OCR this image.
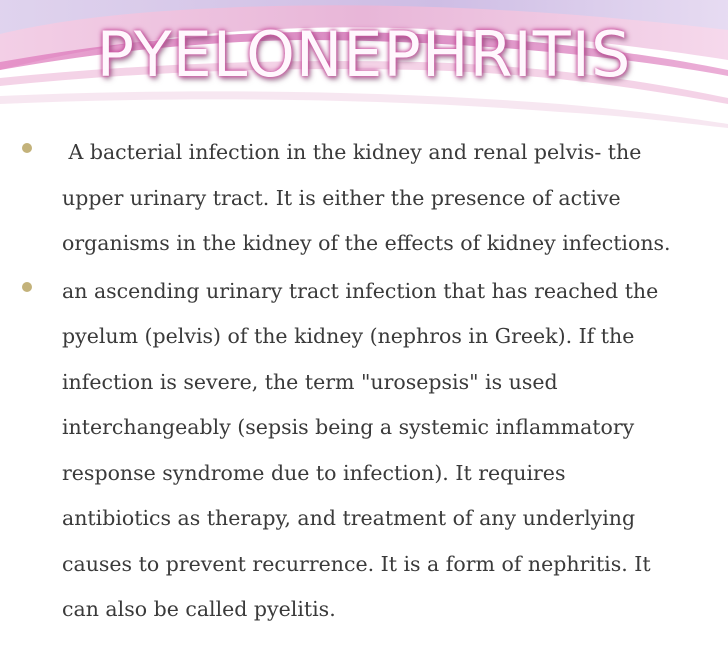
PYELONEPHRITIS
A bacterial infection in the kidney and renal pelvis- the
upper urinary tract. It is either the presence of active
organisms in the kidney of the effects of kidney infections.
an ascending urinary tract infection that has reached the
pyelum (pelvis) of the kidney (nephros in Greek). If the
infection is severe, the term "urosepsis" is used
interchangeably (sepsis being a systemic inflammatory
response syndrome due to infection). It requires
antibiotics as therapy, and treatment of any underlying
causes to prevent recurrence. It is a form of nephritis. It
can also be called pyelitis.
